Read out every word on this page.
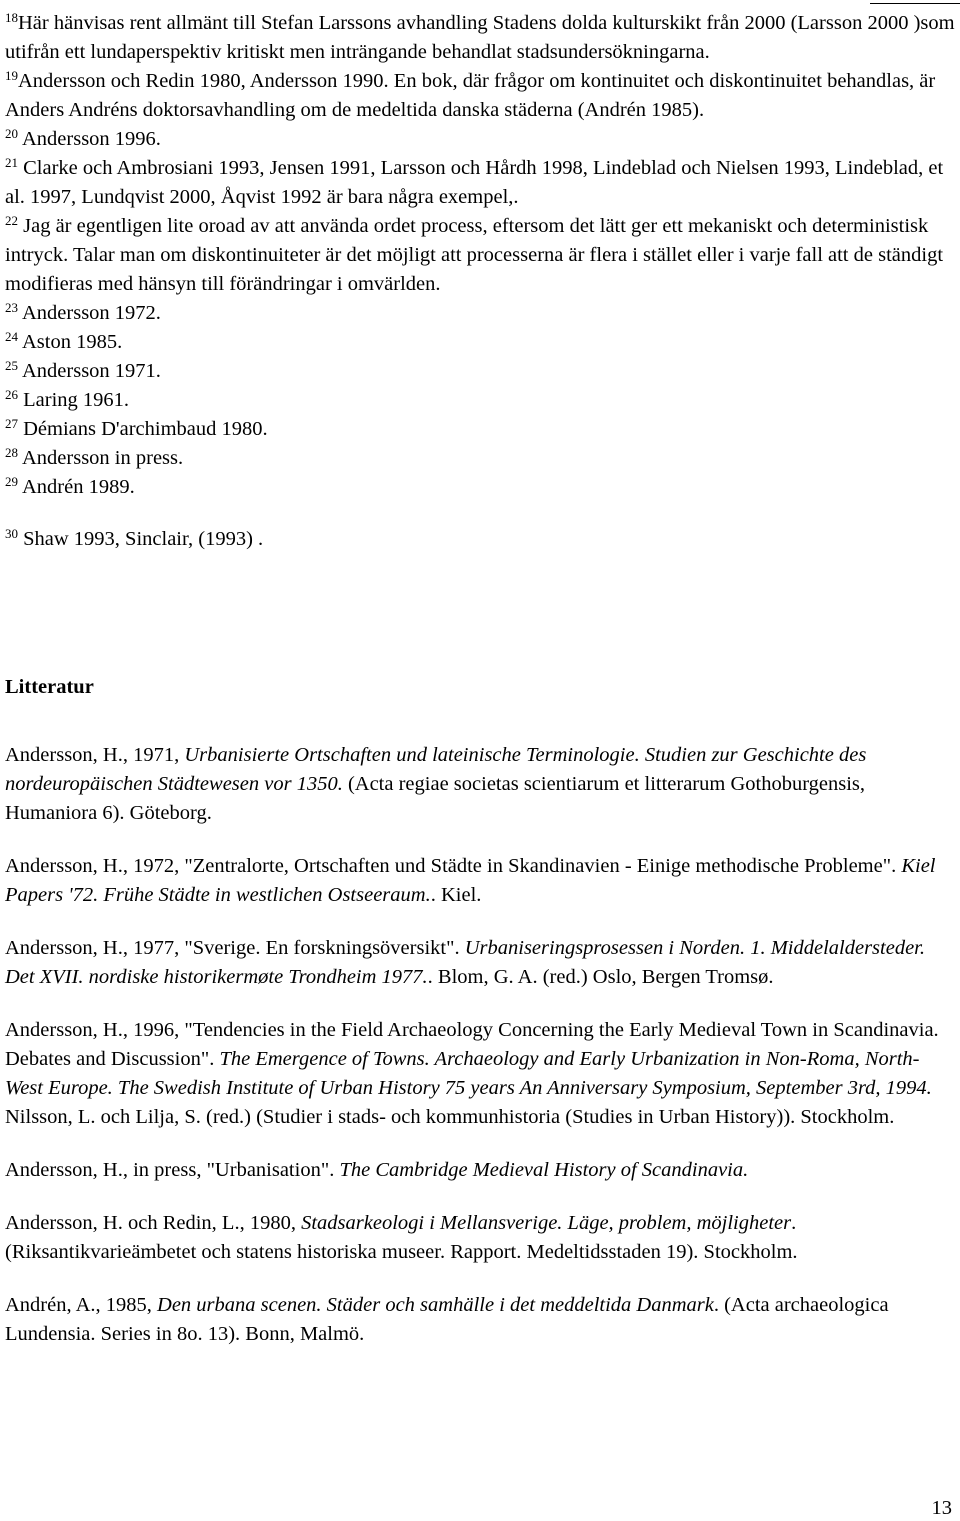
$^{18}$Här hänvisas rent allmänt till Stefan Larssons avhandling Stadens dolda kulturskikt från 2000 (Larsson 2000 )som utifrån ett lundaperspektiv kritiskt men inträngande behandlat stadsundersökningarna.

$^{19}$Andersson och Redin 1980, Andersson 1990. En bok, där frågor om kontinuitet och diskontinuitet behandlas, är Anders Andréns doktorsavhandling om de medeltida danska städerna (Andrén 1985).

$^{20}$ Andersson 1996.

$^{21}$ Clarke och Ambrosiani 1993, Jensen 1991, Larsson och Hårdh 1998, Lindeblad och Nielsen 1993, Lindeblad, et al. 1997, Lundqvist 2000, Åqvist 1992 är bara några exempel,.

$^{22}$ Jag är egentligen lite oroad av att använda ordet process, eftersom det lätt ger ett mekaniskt och deterministisk intryck. Talar man om diskontinuiteter är det möjligt att processerna är flera i stället eller i varje fall att de ständigt modifieras med hänsyn till förändringar i omvärlden.

$^{23}$ Andersson 1972.

$^{24}$ Aston 1985.

$^{25}$ Andersson 1971.

$^{26}$ Laring 1961.

$^{27}$ Démians D'archimbaud 1980.

$^{28}$ Andersson in press.

$^{29}$ Andrén 1989.

$^{30}$ Shaw 1993, Sinclair, (1993) .

Litteratur

Andersson, H., 1971, Urbanisierte Ortschaften und lateinische Terminologie. Studien zur Geschichte des nordeuropäischen Städtewesen vor 1350. (Acta regiae societas scientiarum et litterarum Gothoburgensis, Humaniora 6). Göteborg.

Andersson, H., 1972, "Zentralorte, Ortschaften und Städte in Skandinavien - Einige methodische Probleme". Kiel Papers '72. Frühe Städte in westlichen Ostseeraum.. Kiel.

Andersson, H., 1977, "Sverige. En forskningsöversikt". Urbaniseringsprosessen i Norden. 1. Middelaldersteder. Det XVII. nordiske historikermøte Trondheim 1977.. Blom, G. A. (red.) Oslo, Bergen Tromsø.

Andersson, H., 1996, "Tendencies in the Field Archaeology Concerning the Early Medieval Town in Scandinavia. Debates and Discussion". The Emergence of Towns. Archaeology and Early Urbanization in Non-Roma, North-West Europe. The Swedish Institute of Urban History 75 years An Anniversary Symposium, September 3rd, 1994. Nilsson, L. och Lilja, S. (red.) (Studier i stads- och kommunhistoria (Studies in Urban History)). Stockholm.

Andersson, H., in press, "Urbanisation". The Cambridge Medieval History of Scandinavia.

Andersson, H. och Redin, L., 1980, Stadsarkeologi i Mellansverige. Läge, problem, möjligheter. (Riksantikvarieämbetet och statens historiska museer. Rapport. Medeltidsstaden 19). Stockholm.

Andrén, A., 1985, Den urbana scenen. Städer och samhälle i det meddeltida Danmark. (Acta archaeologica Lundensia. Series in 8o. 13). Bonn, Malmö.

13
